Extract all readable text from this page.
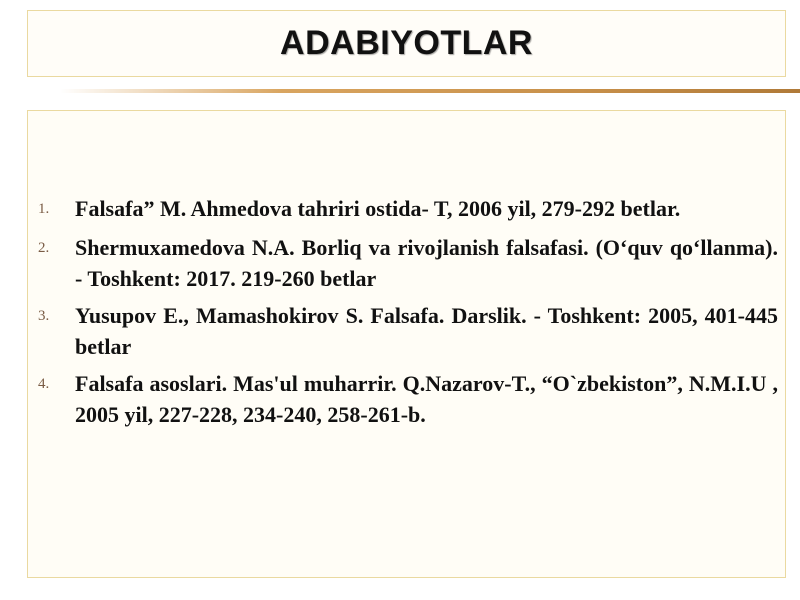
ADABIYOTLAR
1.	Falsafa” M. Ahmedova tahriri ostida- T, 2006 yil, 279-292 betlar.
2.	Shermuxamedova N.A. Borliq va rivojlanish falsafasi. (O‘quv qo‘llanma). - Toshkent: 2017. 219-260 betlar
3.	Yusupov E., Mamashokirov S. Falsafa. Darslik. - Toshkent: 2005, 401-445 betlar
4.	Falsafa asoslari. Mas'ul muharrir. Q.Nazarov-T., “O`zbekiston”, N.M.I.U , 2005 yil, 227-228, 234-240, 258-261-b.
